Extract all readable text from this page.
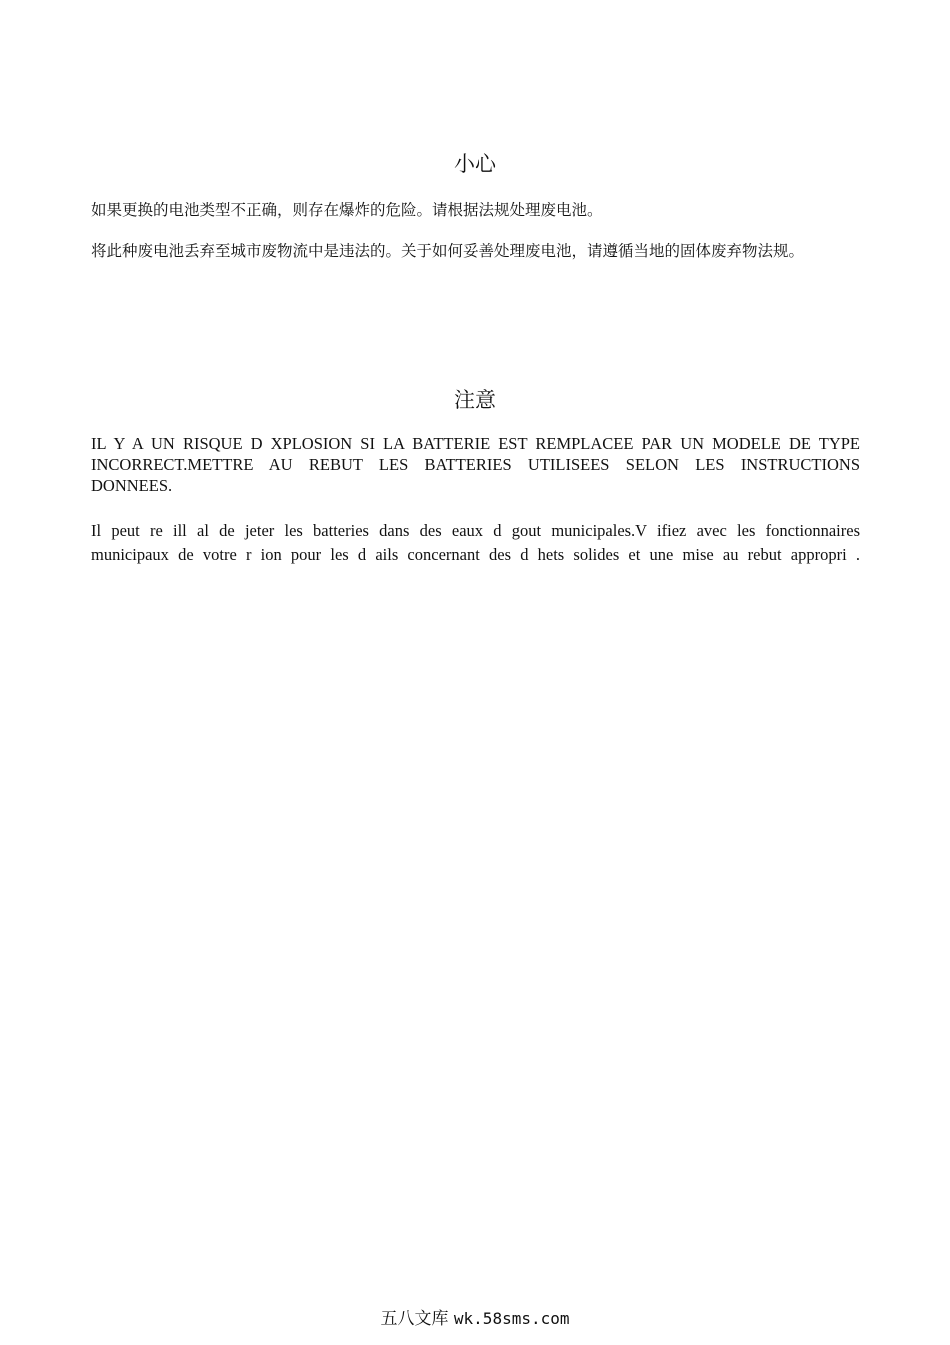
小心
如果更换的电池类型不正确，则存在爆炸的危险。请根据法规处理废电池。
将此种废电池丢弃至城市废物流中是违法的。关于如何妥善处理废电池，请遵循当地的固体废弃物法规。
注意
IL Y A UN RISQUE D XPLOSION SI LA BATTERIE EST REMPLACEE PAR UN MODELE DE TYPE
INCORRECT.METTRE AU REBUT LES BATTERIES UTILISEES SELON LES INSTRUCTIONS
DONNEES.
Il peut re ill al de jeter les batteries dans des eaux d gout municipales.V ifiez avec les fonctionnaires
municipaux de votre r ion pour les d ails concernant des d hets solides et une mise au rebut appropri .
五八文库 wk.58sms.com
